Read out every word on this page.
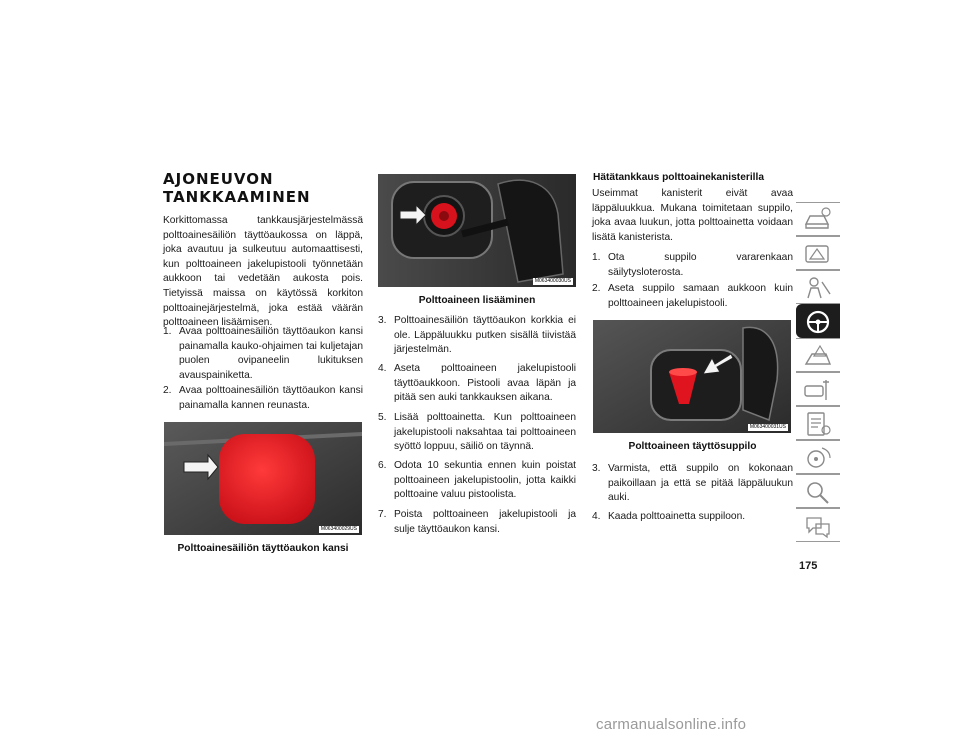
AJONEUVON TANKKAAMINEN

Korkittomassa tankkausjärjestelmässä polttoainesäiliön täyttöaukossa on läppä, joka avautuu ja sulkeutuu automaattisesti, kun polttoaineen jakelupistooli työnnetään aukkoon tai vedetään aukosta pois. Tietyissä maissa on käytössä korkiton polttoainejärjestelmä, joka estää väärän polttoaineen lisäämisen.

1. Avaa polttoainesäiliön täyttöaukon kansi painamalla kauko-ohjaimen tai kuljetajan puolen ovipaneelin lukituksen avauspainiketta.
2. Avaa polttoainesäiliön täyttöaukon kansi painamalla kannen reunasta.
M063400029US

Polttoainesäiliön täyttöaukon kansi

M063400030US

Polttoaineen lisääminen

3. Polttoainesäiliön täyttöaukon korkkia ei ole. Läppäluukku putken sisällä tiivistää järjestelmän.
4. Aseta polttoaineen jakelupistooli täyttöaukkoon. Pistooli avaa läpän ja pitää sen auki tankkauksen aikana.
5. Lisää polttoainetta. Kun polttoaineen jakelupistooli naksahtaa tai polttoaineen syöttö loppuu, säiliö on täynnä.
6. Odota 10 sekuntia ennen kuin poistat polttoaineen jakelupistoolin, jotta kaikki polttoaine valuu pistoolista.
7. Poista polttoaineen jakelupistooli ja sulje täyttöaukon kansi.

Hätätankkaus polttoainekanisterilla

Useimmat kanisterit eivät avaa läppäluukkua. Mukana toimitetaan suppilo, joka avaa luukun, jotta polttoainetta voidaan lisätä kanisterista.

1. Ota suppilo vararenkaan säilytysloterosta.
2. Aseta suppilo samaan aukkoon kuin polttoaineen jakelupistooli.
M063400031US

Polttoaineen täyttösuppilo

3. Varmista, että suppilo on kokonaan paikoillaan ja että se pitää läppäluukun auki.
4. Kaada polttoainetta suppiloon.
175
carmanualsonline.info
